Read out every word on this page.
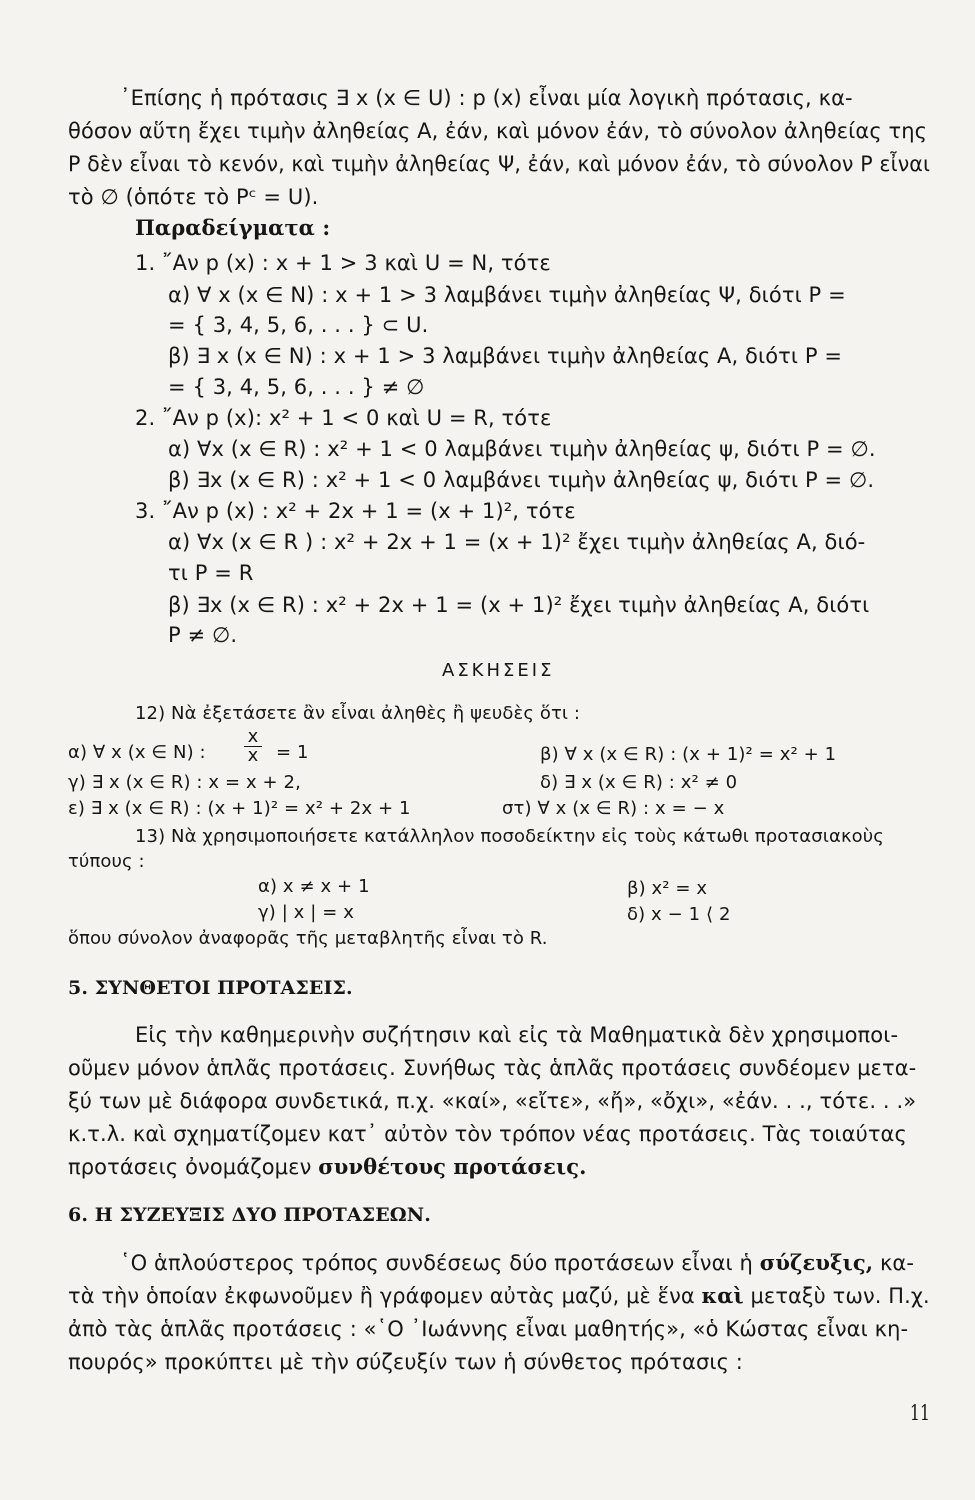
᾿Επίσης ἡ πρότασις ∃ x (x ∈ U) : p (x) εἶναι μία λογικὴ πρότασις, κα-
θόσον αὕτη ἔχει τιμὴν ἀληθείας Α, ἐάν, καὶ μόνον ἐάν, τὸ σύνολον ἀληθείας της
Ρ δὲν εἶναι τὸ κενόν, καὶ τιμὴν ἀληθείας Ψ, ἐάν, καὶ μόνον ἐάν, τὸ σύνολον Ρ εἶναι
τὸ ∅ (ὁπότε τὸ Pᶜ = U).
Παραδείγματα :
1. ῎Αν p (x) : x + 1 > 3 καὶ U = N, τότε
α) ∀ x (x ∈ N) : x + 1 > 3 λαμβάνει τιμὴν ἀληθείας Ψ, διότι P =
= { 3, 4, 5, 6, . . . } ⊂ U.
β) ∃ x (x ∈ N) : x + 1 > 3 λαμβάνει τιμὴν ἀληθείας Α, διότι P =
= { 3, 4, 5, 6, . . . } ≠ ∅
2. ῎Αν p (x): x² + 1 < 0 καὶ U = R, τότε
α) ∀x (x ∈ R) : x² + 1 < 0 λαμβάνει τιμὴν ἀληθείας ψ, διότι P = ∅.
β) ∃x (x ∈ R) : x² + 1 < 0 λαμβάνει τιμὴν ἀληθείας ψ, διότι P = ∅.
3. ῎Αν p (x) : x² + 2x + 1 = (x + 1)², τότε
α) ∀x (x ∈ R ) : x² + 2x + 1 = (x + 1)² ἔχει τιμὴν ἀληθείας Α, διό-
τι P = R
β) ∃x (x ∈ R) : x² + 2x + 1 = (x + 1)² ἔχει τιμὴν ἀληθείας Α, διότι
P ≠ ∅.
ΑΣΚΗΣΕΙΣ
12) Νὰ ἐξετάσετε ἂν εἶναι ἀληθὲς ἢ ψευδὲς ὅτι :
α) ∀ x (x ∈ N) : $\frac{x}{x} = 1$	β) ∀ x (x ∈ R) : (x + 1)² = x² + 1
γ) ∃ x (x ∈ R) : x = x + 2,	δ) ∃ x (x ∈ R) : x² ≠ 0
ε) ∃ x (x ∈ R) : (x + 1)² = x² + 2x + 1	στ) ∀ x (x ∈ R) : x = − x
13) Νὰ χρησιμοποιήσετε κατάλληλον ποσοδείκτην εἰς τοὺς κάτωθι προτασιακοὺς
τύπους :
α) x ≠ x + 1	β) x² = x
γ) | x | = x	δ) x − 1 ⟨ 2
ὅπου σύνολον ἀναφορᾶς τῆς μεταβλητῆς εἶναι τὸ R.
5. ΣΥΝΘΕΤΟΙ ΠΡΟΤΑΣΕΙΣ.
Εἰς τὴν καθημερινὴν συζήτησιν καὶ εἰς τὰ Μαθηματικὰ δὲν χρησιμοποι-
οῦμεν μόνον ἁπλᾶς προτάσεις. Συνήθως τὰς ἁπλᾶς προτάσεις συνδέομεν μετα-
ξύ των μὲ διάφορα συνδετικά, π.χ. «καί», «εἴτε», «ἤ», «ὄχι», «ἐάν. . ., τότε. . .»
κ.τ.λ. καὶ σχηματίζομεν κατ᾿ αὐτὸν τὸν τρόπον νέας προτάσεις. Τὰς τοιαύτας
προτάσεις ὀνομάζομεν συνθέτους προτάσεις.
6. Η ΣΥΖΕΥΞΙΣ ΔΥΟ ΠΡΟΤΑΣΕΩΝ.
῾Ο ἁπλούστερος τρόπος συνδέσεως δύο προτάσεων εἶναι ἡ σύζευξις, κα-
τὰ τὴν ὁποίαν ἐκφωνοῦμεν ἢ γράφομεν αὐτὰς μαζύ, μὲ ἕνα καὶ μεταξὺ των. Π.χ.
ἀπὸ τὰς ἁπλᾶς προτάσεις : «῾Ο ᾿Ιωάννης εἶναι μαθητής», «ὁ Κώστας εἶναι κη-
πουρός» προκύπτει μὲ τὴν σύζευξίν των ἡ σύνθετος πρότασις :
11
